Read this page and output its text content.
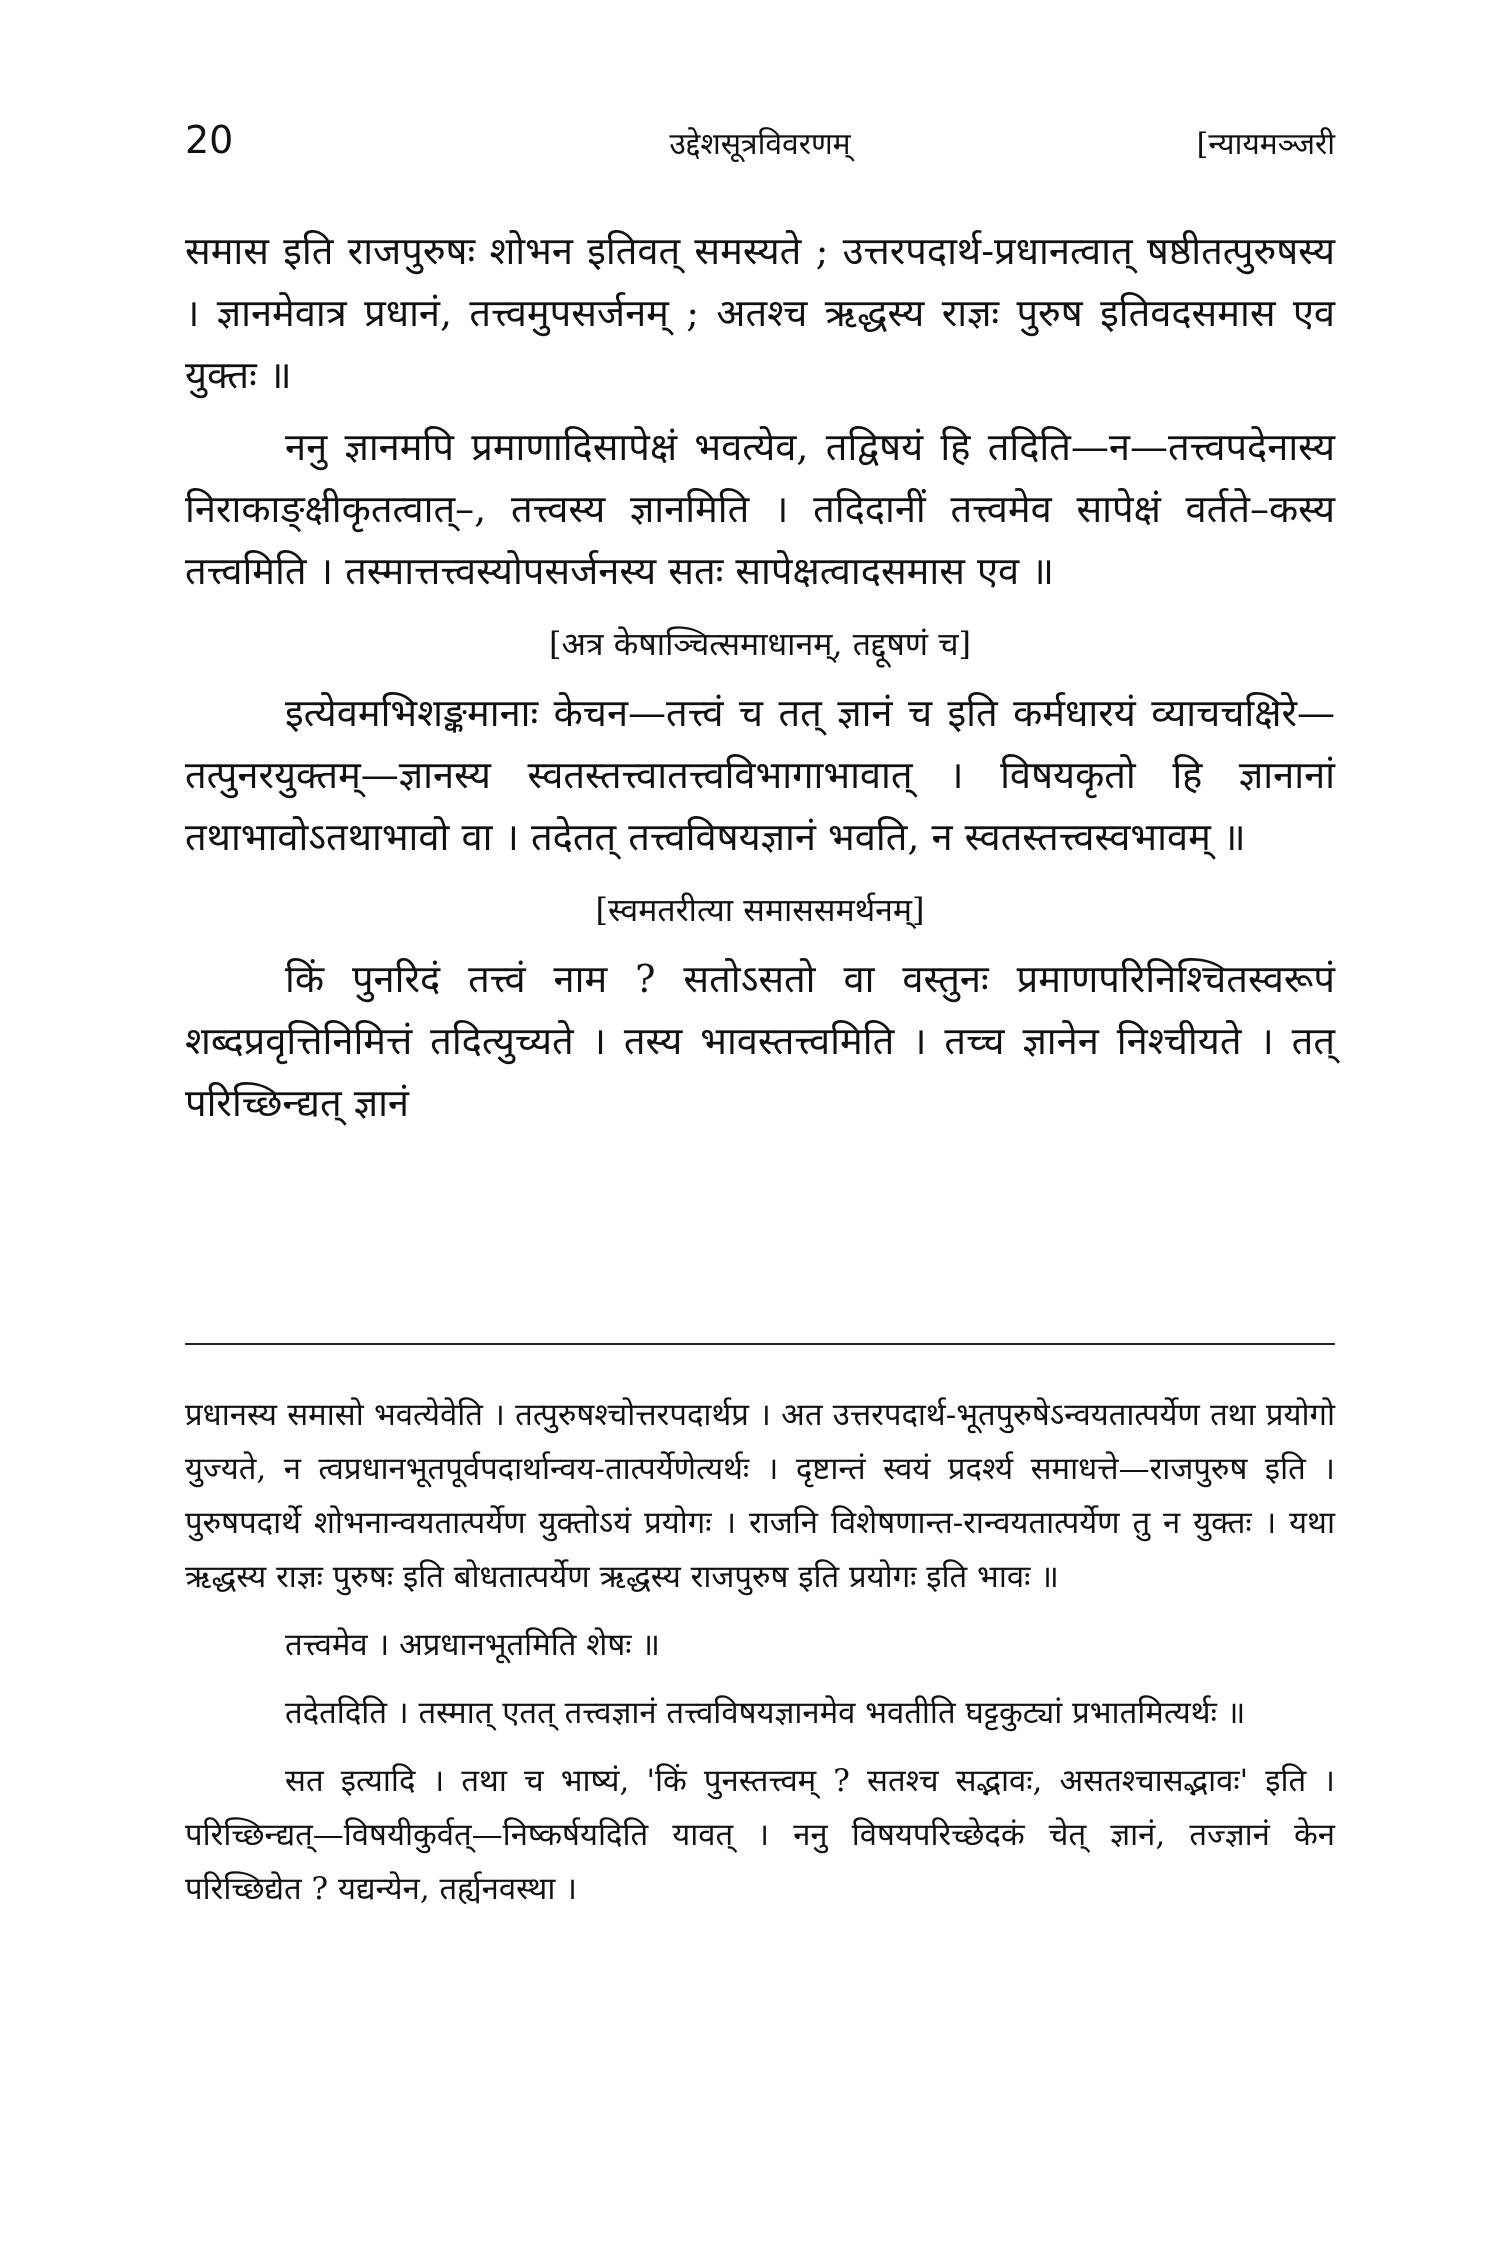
20	उद्देशसूत्रविवरणम्	[न्यायमञ्जरी

समास इति राजपुरुषः शोभन इतिवत् समस्यते ; उत्तरपदार्थ-प्रधानत्वात् षष्ठीतत्पुरुषस्य । ज्ञानमेवात्र प्रधानं, तत्त्वमुपसर्जनम् ; अतश्च ऋद्धस्य राज्ञः पुरुष इतिवदसमास एव युक्तः ॥

ननु ज्ञानमपि प्रमाणादिसापेक्षं भवत्येव, तद्विषयं हि तदिति—न—तत्त्वपदेनास्य निराकाङ्क्षीकृतत्वात्–, तत्त्वस्य ज्ञानमिति । तदिदानीं तत्त्वमेव सापेक्षं वर्तते–कस्य तत्त्वमिति । तस्मात्तत्त्वस्योपसर्जनस्य सतः सापेक्षत्वादसमास एव ॥

[अत्र केषाञ्चित्समाधानम्, तद्दूषणं च]

इत्येवमभिशङ्कमानाः केचन—तत्त्वं च तत् ज्ञानं च इति कर्मधारयं व्याचचक्षिरे—तत्पुनरयुक्तम्—ज्ञानस्य स्वतस्तत्त्वातत्त्वविभागाभावात् । विषयकृतो हि ज्ञानानां तथाभावोऽतथाभावो वा । तदेतत् तत्त्वविषयज्ञानं भवति, न स्वतस्तत्त्वस्वभावम् ॥

[स्वमतरीत्या समाससमर्थनम्]

किं पुनरिदं तत्त्वं नाम ? सतोऽसतो वा वस्तुनः प्रमाणपरिनिश्चितस्वरूपं शब्दप्रवृत्तिनिमित्तं तदित्युच्यते । तस्य भावस्तत्त्वमिति । तच्च ज्ञानेन निश्चीयते । तत् परिच्छिन्द्यत् ज्ञानं

प्रधानस्य समासो भवत्येवेति । तत्पुरुषश्चोत्तरपदार्थप्र । अत उत्तरपदार्थ-भूतपुरुषेऽन्वयतात्पर्येण तथा प्रयोगो युज्यते, न त्वप्रधानभूतपूर्वपदार्थान्वय-तात्पर्येणेत्यर्थः । दृष्टान्तं स्वयं प्रदर्श्य समाधत्ते—राजपुरुष इति । पुरुषपदार्थे शोभनान्वयतात्पर्येण युक्तोऽयं प्रयोगः । राजनि विशेषणान्त-रान्वयतात्पर्येण तु न युक्तः । यथा ऋद्धस्य राज्ञः पुरुषः इति बोधतात्पर्येण ऋद्धस्य राजपुरुष इति प्रयोगः इति भावः ॥

तत्त्वमेव । अप्रधानभूतमिति शेषः ॥

तदेतदिति । तस्मात् एतत् तत्त्वज्ञानं तत्त्वविषयज्ञानमेव भवतीति घट्टकुट्यां प्रभातमित्यर्थः ॥

सत इत्यादि । तथा च भाष्यं, 'किं पुनस्तत्त्वम् ? सतश्च सद्भावः, असतश्चासद्भावः' इति । परिच्छिन्द्यत्—विषयीकुर्वत्—निष्कर्षयदिति यावत् । ननु विषयपरिच्छेदकं चेत् ज्ञानं, तज्ज्ञानं केन परिच्छिद्येत ? यद्यन्येन, तर्ह्यनवस्था ।
